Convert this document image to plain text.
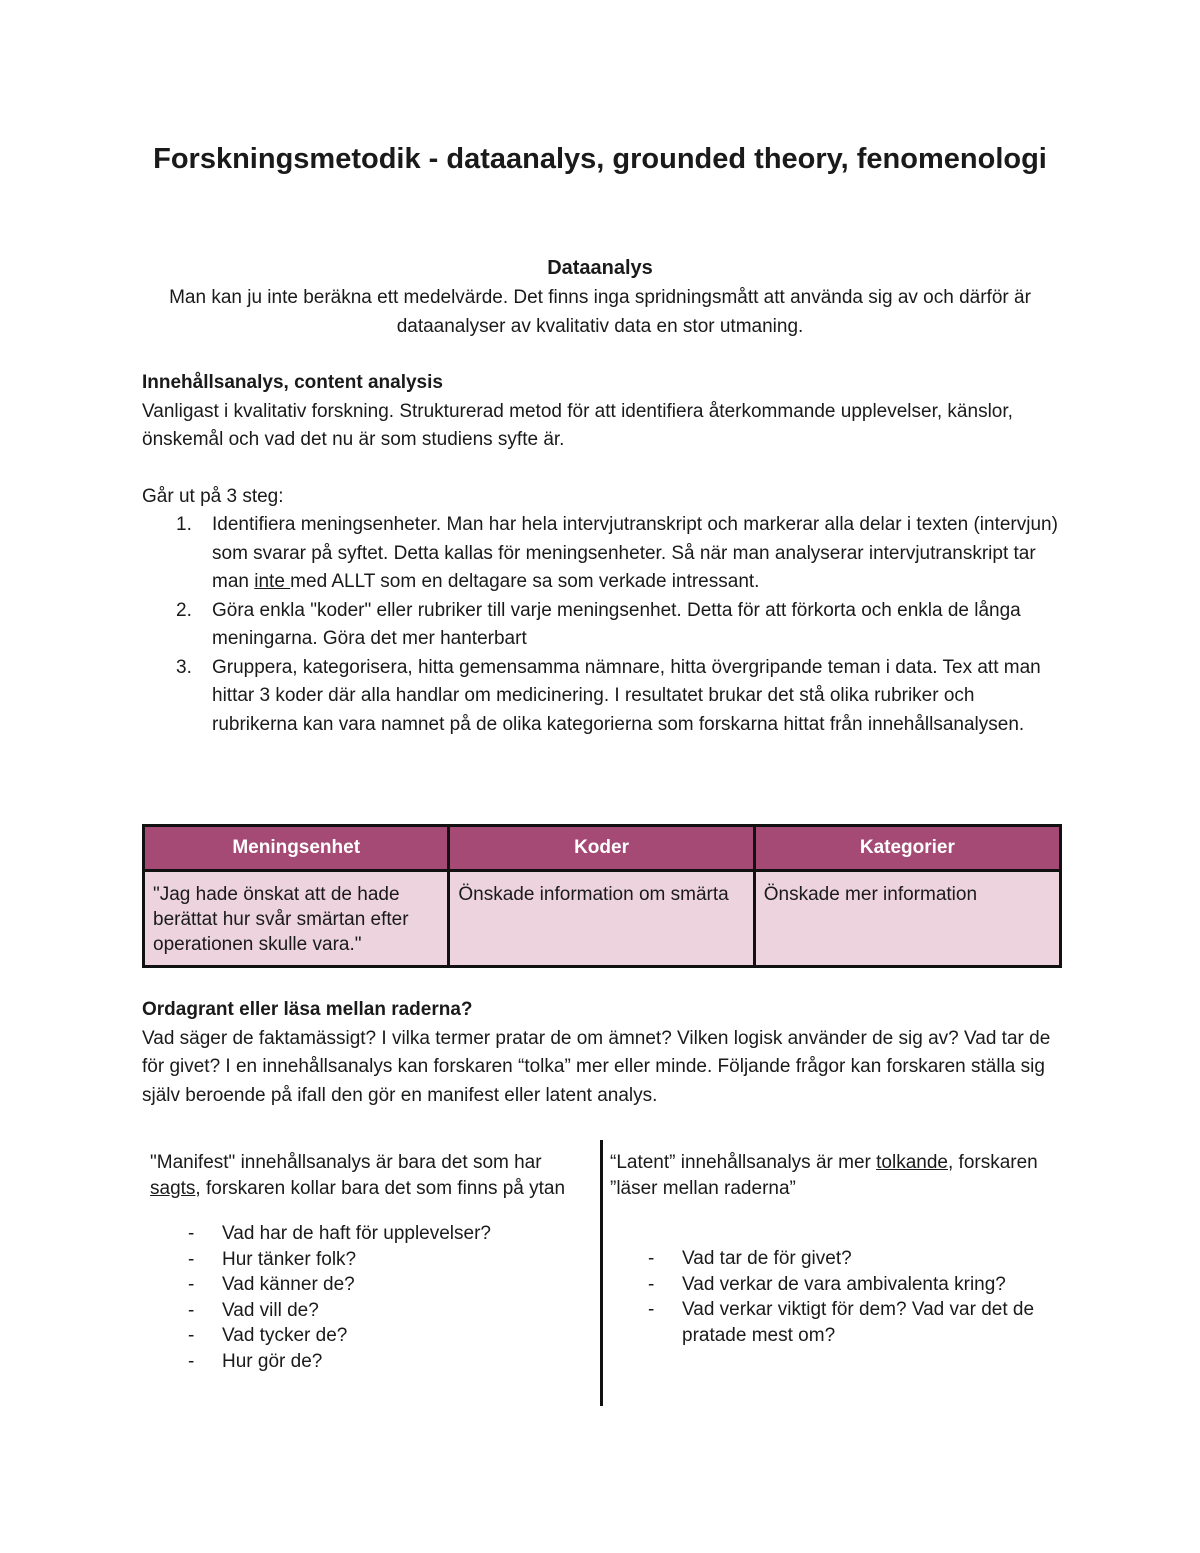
Forskningsmetodik - dataanalys, grounded theory, fenomenologi
Dataanalys
Man kan ju inte beräkna ett medelvärde. Det finns inga spridningsmått att använda sig av och därför är dataanalyser av kvalitativ data en stor utmaning.
Innehållsanalys, content analysis
Vanligast i kvalitativ forskning. Strukturerad metod för att identifiera återkommande upplevelser, känslor, önskemål och vad det nu är som studiens syfte är.
Går ut på 3 steg:
1.	Identifiera meningsenheter. Man har hela intervjutranskript och markerar alla delar i texten (intervjun) som svarar på syftet. Detta kallas för meningsenheter. Så när man analyserar intervjutranskript tar man inte med ALLT som en deltagare sa som verkade intressant.
2.	Göra enkla "koder" eller rubriker till varje meningsenhet. Detta för att förkorta och enkla de långa meningarna. Göra det mer hanterbart
3.	Gruppera, kategorisera, hitta gemensamma nämnare, hitta övergripande teman i data. Tex att man hittar 3 koder där alla handlar om medicinering. I resultatet brukar det stå olika rubriker och rubrikerna kan vara namnet på de olika kategorierna som forskarna hittat från innehållsanalysen.
Meningsenhet	Koder	Kategorier
"Jag hade önskat att de hade berättat hur svår smärtan efter operationen skulle vara."	Önskade information om smärta	Önskade mer information
Ordagrant eller läsa mellan raderna?
Vad säger de faktamässigt? I vilka termer pratar de om ämnet? Vilken logisk använder de sig av? Vad tar de för givet? I en innehållsanalys kan forskaren “tolka” mer eller minde. Följande frågor kan forskaren ställa sig själv beroende på ifall den gör en manifest eller latent analys.
"Manifest" innehållsanalys är bara det som har sagts, forskaren kollar bara det som finns på ytan
-	Vad har de haft för upplevelser?
-	Hur tänker folk?
-	Vad känner de?
-	Vad vill de?
-	Vad tycker de?
-	Hur gör de?
“Latent” innehållsanalys är mer tolkande, forskaren ”läser mellan raderna”
-	Vad tar de för givet?
-	Vad verkar de vara ambivalenta kring?
-	Vad verkar viktigt för dem? Vad var det de pratade mest om?
